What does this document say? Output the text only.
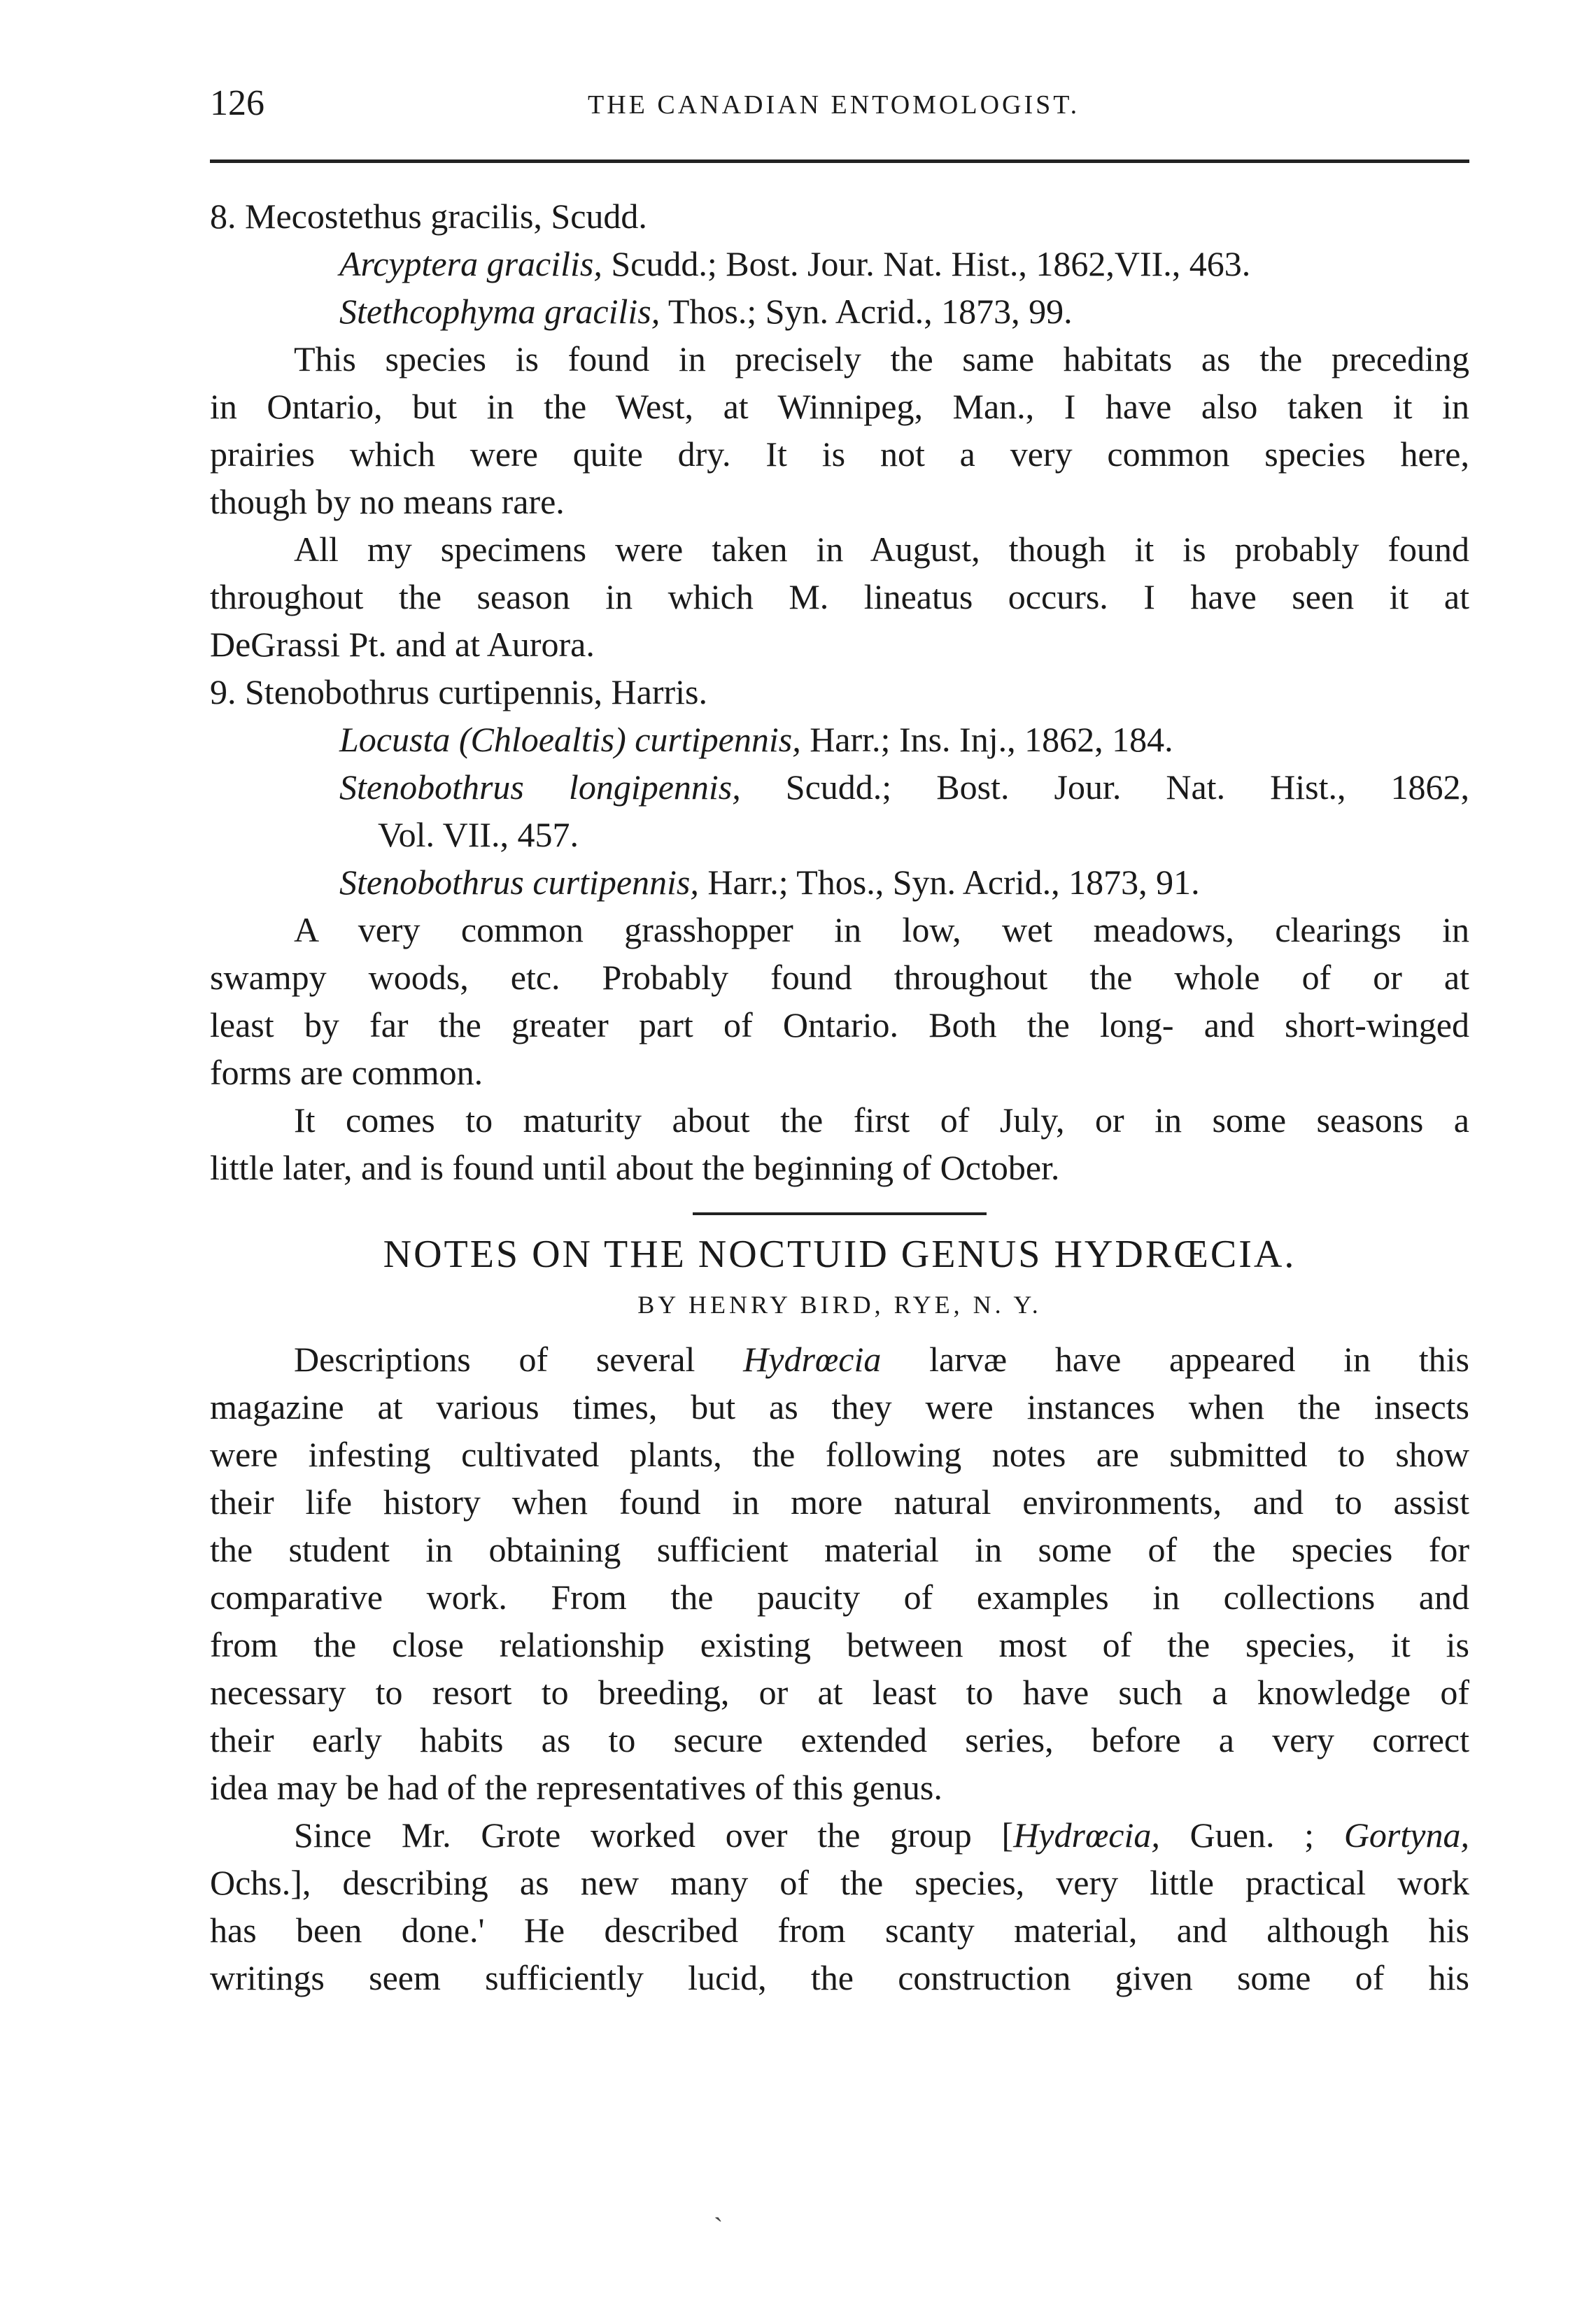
126	THE CANADIAN ENTOMOLOGIST.
8. Mecostethus gracilis, Scudd.
Arcyptera gracilis, Scudd.; Bost. Jour. Nat. Hist., 1862,VII., 463.
Stethcophyma gracilis, Thos.; Syn. Acrid., 1873, 99.
This species is found in precisely the same habitats as the preceding
in Ontario, but in the West, at Winnipeg, Man., I have also taken it in
prairies which were quite dry. It is not a very common species here,
though by no means rare.
All my specimens were taken in August, though it is probably found
throughout the season in which M. lineatus occurs. I have seen it at
DeGrassi Pt. and at Aurora.
9. Stenobothrus curtipennis, Harris.
Locusta (Chloealtis) curtipennis, Harr.; Ins. Inj., 1862, 184.
Stenobothrus longipennis, Scudd.; Bost. Jour. Nat. Hist., 1862,
Vol. VII., 457.
Stenobothrus curtipennis, Harr.; Thos., Syn. Acrid., 1873, 91.
A very common grasshopper in low, wet meadows, clearings in
swampy woods, etc. Probably found throughout the whole of or at
least by far the greater part of Ontario. Both the long- and short-winged
forms are common.
It comes to maturity about the first of July, or in some seasons a
little later, and is found until about the beginning of October.
NOTES ON THE NOCTUID GENUS HYDRŒCIA.
BY HENRY BIRD, RYE, N. Y.
Descriptions of several Hydrœcia larvæ have appeared in this
magazine at various times, but as they were instances when the insects
were infesting cultivated plants, the following notes are submitted to show
their life history when found in more natural environments, and to assist
the student in obtaining sufficient material in some of the species for
comparative work. From the paucity of examples in collections and
from the close relationship existing between most of the species, it is
necessary to resort to breeding, or at least to have such a knowledge of
their early habits as to secure extended series, before a very correct
idea may be had of the representatives of this genus.
Since Mr. Grote worked over the group [Hydrœcia, Guen. ; Gortyna,
Ochs.], describing as new many of the species, very little practical work
has been done.' He described from scanty material, and although his
writings seem sufficiently lucid, the construction given some of his
ˏ
